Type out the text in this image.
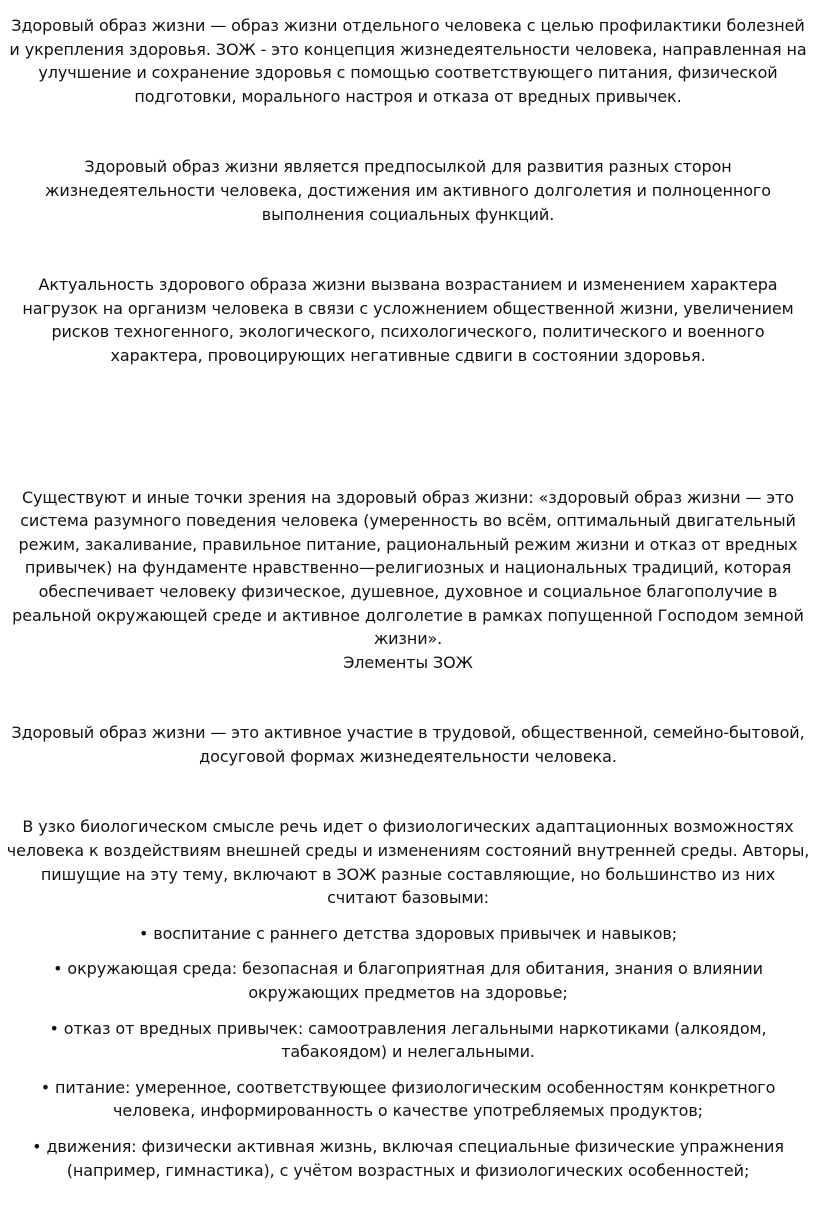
Здоровый образ жизни — образ жизни отдельного человека с целью профилактики болезней и укрепления здоровья. ЗОЖ - это концепция жизнедеятельности человека, направленная на улучшение и сохранение здоровья с помощью соответствующего питания, физической подготовки, морального настроя и отказа от вредных привычек.

Здоровый образ жизни является предпосылкой для развития разных сторон жизнедеятельности человека, достижения им активного долголетия и полноценного выполнения социальных функций.

Актуальность здорового образа жизни вызвана возрастанием и изменением характера нагрузок на организм человека в связи с усложнением общественной жизни, увеличением рисков техногенного, экологического, психологического, политического и военного характера, провоцирующих негативные сдвиги в состоянии здоровья.

Существуют и иные точки зрения на здоровый образ жизни: «здоровый образ жизни — это система разумного поведения человека (умеренность во всём, оптимальный двигательный режим, закаливание, правильное питание, рациональный режим жизни и отказ от вредных привычек) на фундаменте нравственно—религиозных и национальных традиций, которая обеспечивает человеку физическое, душевное, духовное и социальное благополучие в реальной окружающей среде и активное долголетие в рамках попущенной Господом земной жизни».

Элементы ЗОЖ

Здоровый образ жизни — это активное участие в трудовой, общественной, семейно-бытовой, досуговой формах жизнедеятельности человека.

В узко биологическом смысле речь идет о физиологических адаптационных возможностях человека к воздействиям внешней среды и изменениям состояний внутренней среды. Авторы, пишущие на эту тему, включают в ЗОЖ разные составляющие, но большинство из них считают базовыми:

• воспитание с раннего детства здоровых привычек и навыков;

• окружающая среда: безопасная и благоприятная для обитания, знания о влиянии окружающих предметов на здоровье;

• отказ от вредных привычек: самоотравления легальными наркотиками (алкоядом, табакоядом) и нелегальными.

• питание: умеренное, соответствующее физиологическим особенностям конкретного человека, информированность о качестве употребляемых продуктов;

• движения: физически активная жизнь, включая специальные физические упражнения (например, гимнастика), с учётом возрастных и физиологических особенностей;
